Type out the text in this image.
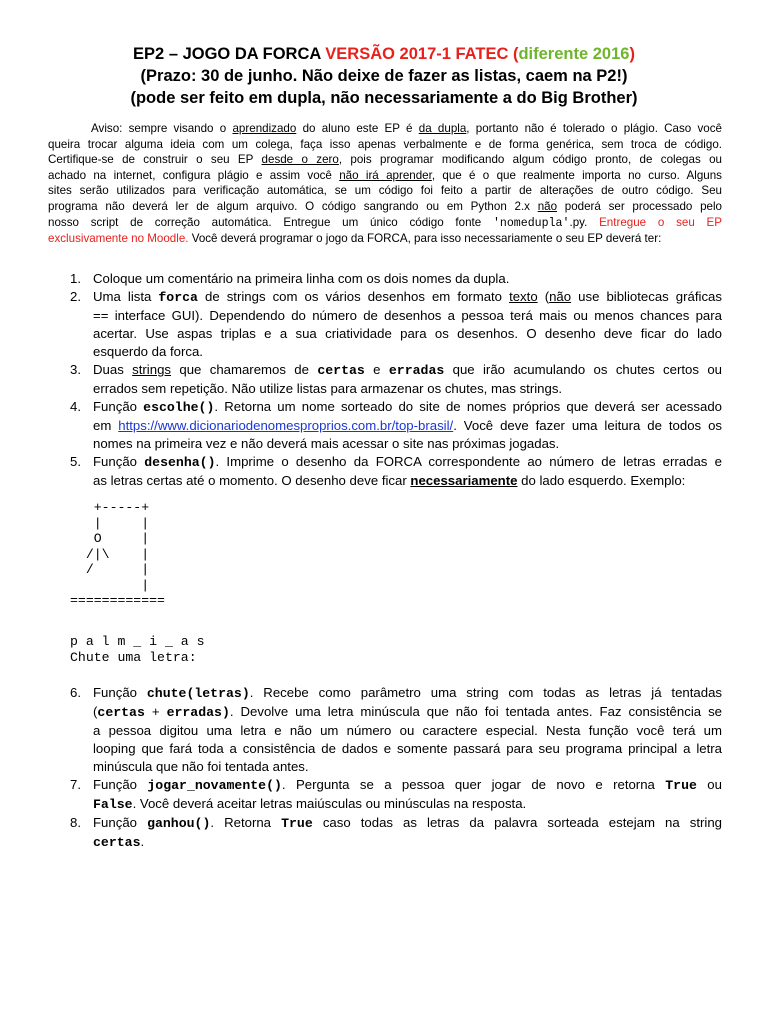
EP2 – JOGO DA FORCA VERSÃO 2017-1 FATEC (diferente 2016)
(Prazo: 30 de junho. Não deixe de fazer as listas, caem na P2!)
(pode ser feito em dupla, não necessariamente a do Big Brother)
Aviso: sempre visando o aprendizado do aluno este EP é da dupla, portanto não é tolerado o plágio. Caso você
queira trocar alguma ideia com um colega, faça isso apenas verbalmente e de forma genérica, sem troca de código.
Certifique-se de construir o seu EP desde o zero, pois programar modificando algum código pronto, de colegas ou
achado na internet, configura plágio e assim você não irá aprender, que é o que realmente importa no curso. Alguns
sites serão utilizados para verificação automática, se um código foi feito a partir de alterações de outro código. Seu
programa não deverá ler de algum arquivo. O código sangrando ou em Python 2.x não poderá ser processado pelo
nosso script de correção automática. Entregue um único código fonte 'nomedupla'.py. Entregue o seu EP
exclusivamente no Moodle. Você deverá programar o jogo da FORCA, para isso necessariamente o seu EP deverá ter:
1. Coloque um comentário na primeira linha com os dois nomes da dupla.
2. Uma lista forca de strings com os vários desenhos em formato texto (não use bibliotecas gráficas
== interface GUI). Dependendo do número de desenhos a pessoa terá mais ou menos chances para
acertar. Use aspas triplas e a sua criatividade para os desenhos. O desenho deve ficar do lado
esquerdo da forca.
3. Duas strings que chamaremos de certas e erradas que irão acumulando os chutes certos ou
errados sem repetição. Não utilize listas para armazenar os chutes, mas strings.
4. Função escolhe(). Retorna um nome sorteado do site de nomes próprios que deverá ser acessado
em https://www.dicionariodenomesproprios.com.br/top-brasil/. Você deve fazer uma leitura de todos os
nomes na primeira vez e não deverá mais acessar o site nas próximas jogadas.
5. Função desenha(). Imprime o desenho da FORCA correspondente ao número de letras erradas e
as letras certas até o momento. O desenho deve ficar necessariamente do lado esquerdo. Exemplo:
+-----+
|     |
O     |
/|\    |
/      |
|
============
p a l m _ i _ a s
Chute uma letra:
6. Função chute(letras). Recebe como parâmetro uma string com todas as letras já tentadas
(certas + erradas). Devolve uma letra minúscula que não foi tentada antes. Faz consistência se
a pessoa digitou uma letra e não um número ou caractere especial. Nesta função você terá um
looping que fará toda a consistência de dados e somente passará para seu programa principal a letra
minúscula que não foi tentada antes.
7. Função jogar_novamente(). Pergunta se a pessoa quer jogar de novo e retorna True ou
False. Você deverá aceitar letras maiúsculas ou minúsculas na resposta.
8. Função ganhou(). Retorna True caso todas as letras da palavra sorteada estejam na string
certas.
